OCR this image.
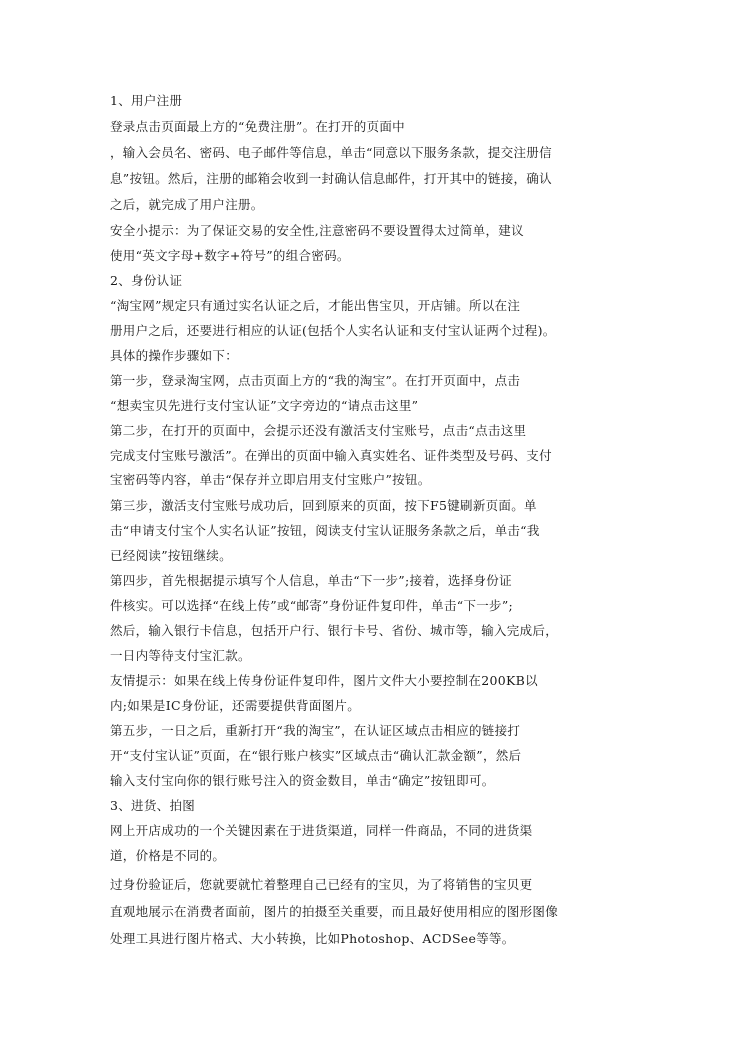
1、用户注册
登录点击页面最上方的“免费注册”。在打开的页面中
，输入会员名、密码、电子邮件等信息，单击“同意以下服务条款，提交注册信
息”按钮。然后，注册的邮箱会收到一封确认信息邮件，打开其中的链接，确认
之后，就完成了用户注册。
安全小提示：为了保证交易的安全性,注意密码不要设置得太过简单，建议
使用“英文字母+数字+符号”的组合密码。
2、身份认证
“淘宝网”规定只有通过实名认证之后，才能出售宝贝，开店铺。所以在注
册用户之后，还要进行相应的认证(包括个人实名认证和支付宝认证两个过程)。
具体的操作步骤如下：
第一步，登录淘宝网，点击页面上方的“我的淘宝”。在打开页面中，点击
“想卖宝贝先进行支付宝认证”文字旁边的“请点击这里”
第二步，在打开的页面中，会提示还没有激活支付宝账号，点击“点击这里
完成支付宝账号激活”。在弹出的页面中输入真实姓名、证件类型及号码、支付
宝密码等内容，单击“保存并立即启用支付宝账户”按钮。
第三步，激活支付宝账号成功后，回到原来的页面，按下F5键刷新页面。单
击“申请支付宝个人实名认证”按钮，阅读支付宝认证服务条款之后，单击“我
已经阅读”按钮继续。
第四步，首先根据提示填写个人信息，单击“下一步”;接着，选择身份证
件核实。可以选择“在线上传”或“邮寄”身份证件复印件，单击“下一步”;
然后，输入银行卡信息，包括开户行、银行卡号、省份、城市等，输入完成后，
一日内等待支付宝汇款。
友情提示：如果在线上传身份证件复印件，图片文件大小要控制在200KB以
内;如果是IC身份证，还需要提供背面图片。
第五步，一日之后，重新打开“我的淘宝”，在认证区域点击相应的链接打
开“支付宝认证”页面，在“银行账户核实”区域点击“确认汇款金额”，然后
输入支付宝向你的银行账号注入的资金数目，单击“确定”按钮即可。
3、进货、拍图
网上开店成功的一个关键因素在于进货渠道，同样一件商品，不同的进货渠
道，价格是不同的。
过身份验证后，您就要就忙着整理自己已经有的宝贝，为了将销售的宝贝更
直观地展示在消费者面前，图片的拍摄至关重要，而且最好使用相应的图形图像
处理工具进行图片格式、大小转换，比如Photoshop、ACDSee等等。
